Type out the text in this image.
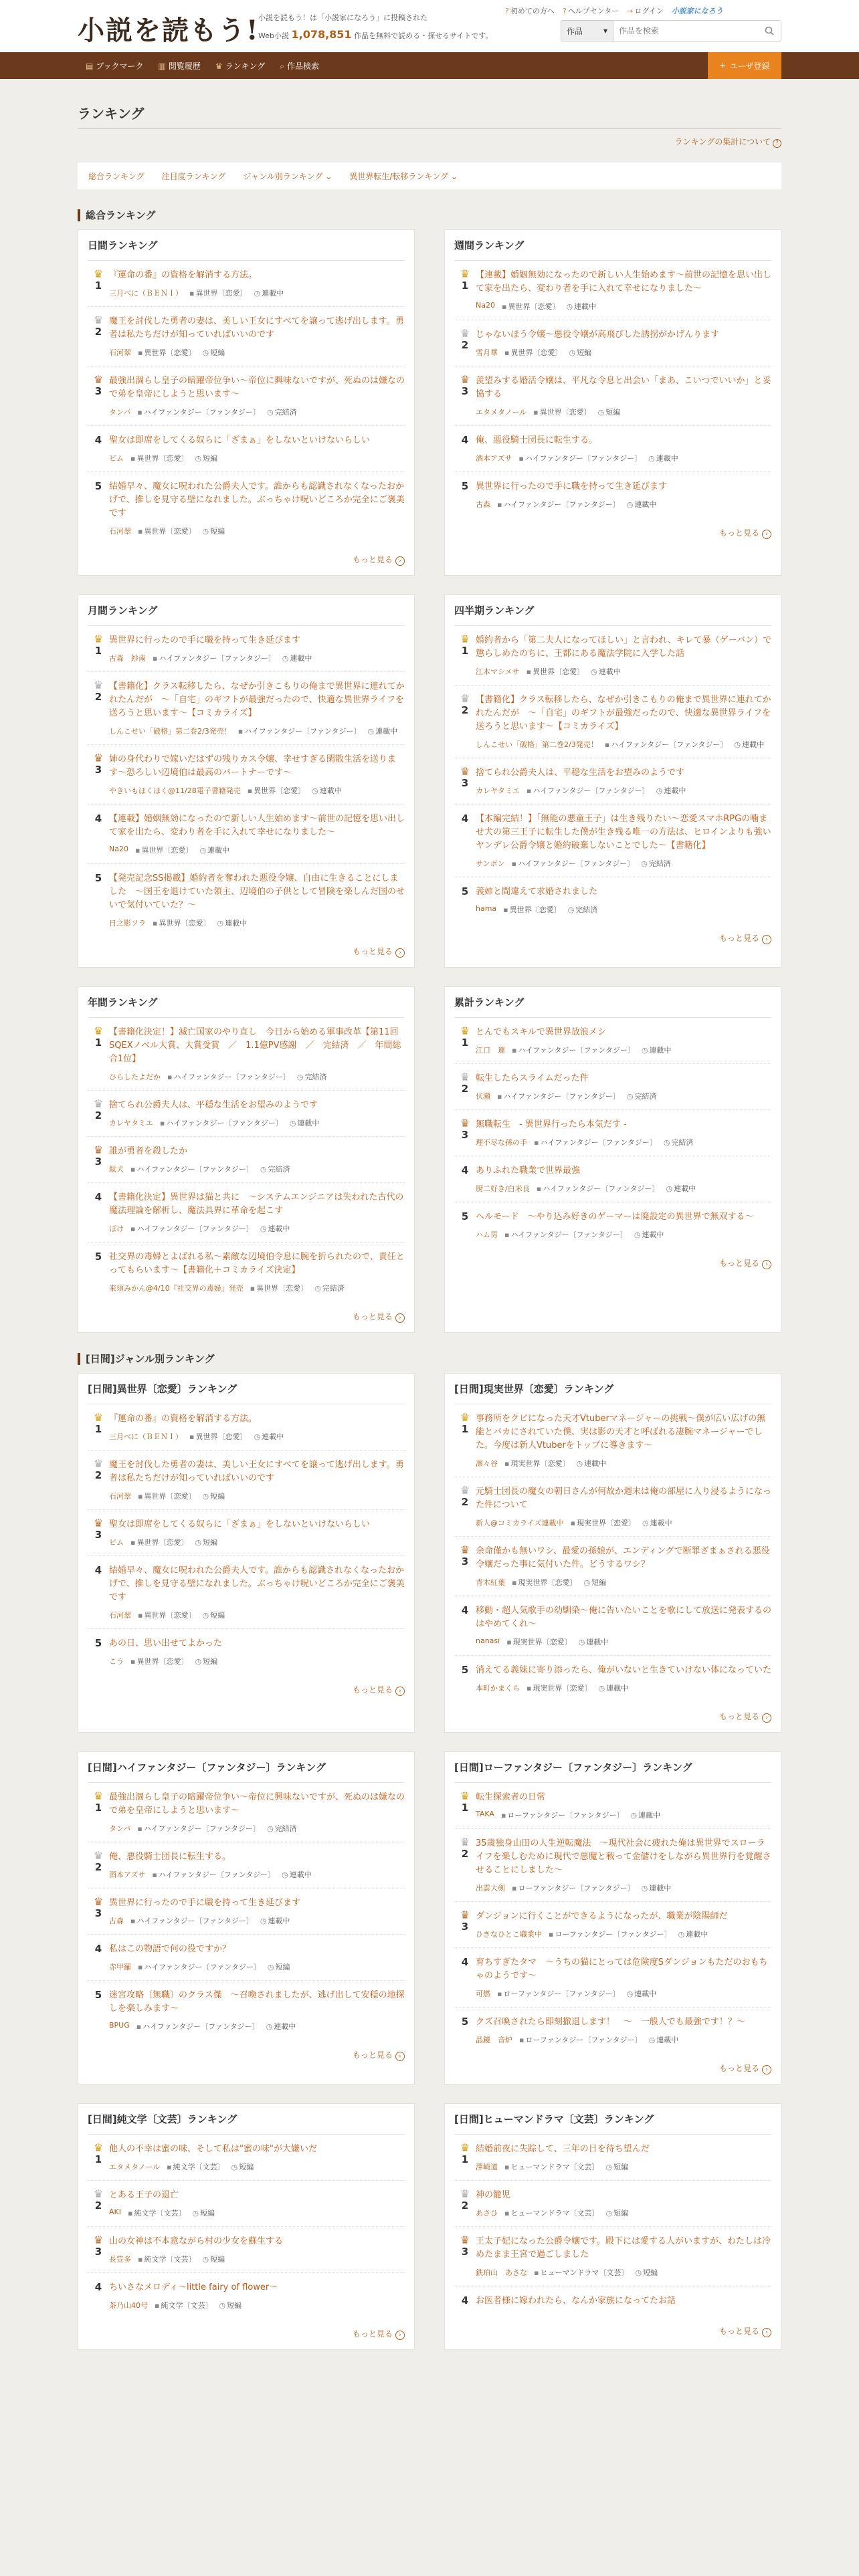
小説を読もう!
小説を読もう！は「小説家になろう」に投稿された
Web小説 1,078,851 作品を無料で読める・探せるサイトです。
? 初めての方へ ? ヘルプセンター → ログイン 小説家になろう
作品	▾
作品を検索
▤ ブックマーク ▥ 閲覧履歴 ♛ ランキング ⌕ 作品検索	+ ユーザ登録
ランキング
ランキングの集計について ?
総合ランキング 注目度ランキング ジャンル別ランキング ⌄ 異世界転生/転移ランキング ⌄
総合ランキング
日間ランキング
♛
1
『運命の番』の資格を解消する方法。
三月べに（ＢＥＮＩ） ▪ 異世界〔恋愛〕 ◷ 連載中
♛
2
魔王を討伐した勇者の妻は、美しい王女にすべてを譲って逃げ出します。勇者は私たちだけが知っていればいいのです
石河翠 ▪ 異世界〔恋愛〕 ◷ 短編
♛
3
最強出涸らし皇子の暗躍帝位争い〜帝位に興味ないですが、死ぬのは嫌なので弟を皇帝にしようと思います〜
タンバ ▪ ハイファンタジー〔ファンタジー〕 ◷ 完結済
4 聖女は即席をしてくる奴らに「ざまぁ」をしないといけないらしい
ビム ▪ 異世界〔恋愛〕 ◷ 短編
5 結婚早々、魔女に呪われた公爵夫人です。誰からも認識されなくなったおかげで、推しを見守る壁になれました。ぶっちゃけ呪いどころか完全にご褒美です
石河翠 ▪ 異世界〔恋愛〕 ◷ 短編
もっと見る ›
週間ランキング
♛
1
【連載】婚姻無効になったので新しい人生始めます〜前世の記憶を思い出して家を出たら、変わり者を手に入れて幸せになりました〜
Na20 ▪ 異世界〔恋愛〕 ◷ 連載中
♛
2
じゃないほう令嬢〜悪役令嬢が高飛びした誘拐がかげんります
雪月華 ▪ 異世界〔恋愛〕 ◷ 短編
♛
3
羨望みする婚活令嬢は、平凡な令息と出会い「まあ、こいつでいいか」と妥協する
エタメタノール ▪ 異世界〔恋愛〕 ◷ 短編
4 俺、悪役騎士団長に転生する。
酒本アズサ ▪ ハイファンタジー〔ファンタジー〕 ◷ 連載中
5 異世界に行ったので手に職を持って生き延びます
古森 ▪ ハイファンタジー〔ファンタジー〕 ◷ 連載中
もっと見る ›
月間ランキング
♛
1
異世界に行ったので手に職を持って生き延びます
古森　紗南 ▪ ハイファンタジー〔ファンタジー〕 ◷ 連載中
♛
2
【書籍化】クラス転移したら、なぜか引きこもりの俺まで異世界に連れてかれたんだが　〜「自宅」のギフトが最強だったので、快適な異世界ライフを送ろうと思います〜【コミカライズ】
しんこせい「破格」第二巻2/3発売！ ▪ ハイファンタジー〔ファンタジー〕 ◷ 連載中
♛
3
姉の身代わりで嫁いだはずの残りカス令嬢、幸せすぎる閑散生活を送ります〜恐ろしい辺境伯は最高のパートナーです〜
やきいもほくほく@11/28電子書籍発売 ▪ 異世界〔恋愛〕 ◷ 連載中
4 【連載】婚姻無効になったので新しい人生始めます〜前世の記憶を思い出して家を出たら、変わり者を手に入れて幸せになりました〜
Na20 ▪ 異世界〔恋愛〕 ◷ 連載中
5 【発売記念SS掲載】婚約者を奪われた悪役令嬢、自由に生きることにしました　〜国王を退けていた領主、辺境伯の子供として冒険を楽しんだ国のせいで気付いていた？〜
日之影ソラ ▪ 異世界〔恋愛〕 ◷ 連載中
もっと見る ›
四半期ランキング
♛
1
婚約者から「第二夫人になってほしい」と言われ、キレて暴（ゲーバン）で懲らしめたのちに、王都にある魔法学院に入学した話
江本マシメサ ▪ 異世界〔恋愛〕 ◷ 連載中
♛
2
【書籍化】クラス転移したら、なぜか引きこもりの俺まで異世界に連れてかれたんだが　〜「自宅」のギフトが最強だったので、快適な異世界ライフを送ろうと思います〜【コミカライズ】
しんこせい「破格」第二巻2/3発売！ ▪ ハイファンタジー〔ファンタジー〕 ◷ 連載中
♛
3
捨てられ公爵夫人は、平穏な生活をお望みのようです
カレヤタミエ ▪ ハイファンタジー〔ファンタジー〕 ◷ 連載中
4 【本編完結！】「無能の悪童王子」は生き残りたい〜恋愛スマホRPGの噛ませ犬の第三王子に転生した僕が生き残る唯一の方法は、ヒロインよりも強いヤンデレ公爵令嬢と婚約破棄しないことでした〜【書籍化】
サンボン ▪ ハイファンタジー〔ファンタジー〕 ◷ 完結済
5 義姉と間違えて求婚されました
hama ▪ 異世界〔恋愛〕 ◷ 完結済
もっと見る ›
年間ランキング
♛
1
【書籍化決定！】滅亡国家のやり直し　今日から始める軍事改革【第11回SQEXノベル大賞、大賞受賞　／　1.1億PV感謝　／　完結済　／　年間総合1位】
ひらしたよだか ▪ ハイファンタジー〔ファンタジー〕 ◷ 完結済
♛
2
捨てられ公爵夫人は、平穏な生活をお望みのようです
カレヤタミエ ▪ ハイファンタジー〔ファンタジー〕 ◷ 連載中
♛
3
誰が勇者を殺したか
駄犬 ▪ ハイファンタジー〔ファンタジー〕 ◷ 完結済
4 【書籍化決定】異世界は猫と共に　〜システムエンジニアは失われた古代の魔法理論を解析し、魔法具界に革命を起こす
ぽけ ▪ ハイファンタジー〔ファンタジー〕 ◷ 連載中
5 社交界の毒婦とよばれる私〜素敵な辺境伯令息に腕を折られたので、責任とってもらいます〜【書籍化＋コミカライズ決定】
来須みかん@4/10『社交界の毒婦』発売 ▪ 異世界〔恋愛〕 ◷ 完結済
もっと見る ›
累計ランキング
♛
1
とんでもスキルで異世界放浪メシ
江口　連 ▪ ハイファンタジー〔ファンタジー〕 ◷ 連載中
♛
2
転生したらスライムだった件
伏瀬 ▪ ハイファンタジー〔ファンタジー〕 ◷ 完結済
♛
3
無職転生　- 異世界行ったら本気だす -
理不尽な孫の手 ▪ ハイファンタジー〔ファンタジー〕 ◷ 完結済
4 ありふれた職業で世界最強
厨二好き/白米良 ▪ ハイファンタジー〔ファンタジー〕 ◷ 連載中
5 ヘルモード　〜やり込み好きのゲーマーは廃設定の異世界で無双する〜
ハム男 ▪ ハイファンタジー〔ファンタジー〕 ◷ 連載中
もっと見る ›
[日間]ジャンル別ランキング
[日間]異世界〔恋愛〕ランキング
♛
1
『運命の番』の資格を解消する方法。
三月べに（ＢＥＮＩ） ▪ 異世界〔恋愛〕 ◷ 連載中
♛
2
魔王を討伐した勇者の妻は、美しい王女にすべてを譲って逃げ出します。勇者は私たちだけが知っていればいいのです
石河翠 ▪ 異世界〔恋愛〕 ◷ 短編
♛
3
聖女は即席をしてくる奴らに「ざまぁ」をしないといけないらしい
ビム ▪ 異世界〔恋愛〕 ◷ 短編
4 結婚早々、魔女に呪われた公爵夫人です。誰からも認識されなくなったおかげで、推しを見守る壁になれました。ぶっちゃけ呪いどころか完全にご褒美です
石河翠 ▪ 異世界〔恋愛〕 ◷ 短編
5 あの日、思い出せてよかった
こう ▪ 異世界〔恋愛〕 ◷ 短編
もっと見る ›
[日間]現実世界〔恋愛〕ランキング
♛
1
事務所をクビになった天才Vtuberマネージャーの挑戦〜僕が広い広げの無能とバカにされていた僕、実は影の天才と呼ばれる凄腕マネージャーでした。今度は新人Vtuberをトップに導きます〜
凛々谷 ▪ 現実世界〔恋愛〕 ◷ 連載中
♛
2
元騎士団長の魔女の朝日さんが何故か週末は俺の部屋に入り浸るようになった件について
新人@コミカライズ連載中 ▪ 現実世界〔恋愛〕 ◷ 連載中
♛
3
余命僅かも無いワシ、最愛の孫娘が、エンディングで断罪ざまぁされる悪役令嬢だった事に気付いた件。どうするワシ？
青木紅葉 ▪ 現実世界〔恋愛〕 ◷ 短編
4 移動・超人気歌手の幼馴染〜俺に告いたいことを歌にして放送に発表するのはやめてくれ〜
nanasi ▪ 現実世界〔恋愛〕 ◷ 連載中
5 消えてる義妹に寄り添ったら、俺がいないと生きていけない体になっていた
本町かまくら ▪ 現実世界〔恋愛〕 ◷ 連載中
もっと見る ›
[日間]ハイファンタジー〔ファンタジー〕ランキング
♛
1
最強出涸らし皇子の暗躍帝位争い〜帝位に興味ないですが、死ぬのは嫌なので弟を皇帝にしようと思います〜
タンバ ▪ ハイファンタジー〔ファンタジー〕 ◷ 完結済
♛
2
俺、悪役騎士団長に転生する。
酒本アズサ ▪ ハイファンタジー〔ファンタジー〕 ◷ 連載中
♛
3
異世界に行ったので手に職を持って生き延びます
古森 ▪ ハイファンタジー〔ファンタジー〕 ◷ 連載中
4 私はこの物語で何の役ですか？
赤甲羅 ▪ ハイファンタジー〔ファンタジー〕 ◷ 短編
5 迷宮攻略〔無職〕のクラス傑　〜召喚されましたが、逃げ出して安穏の地探しを楽しみます〜
BPUG ▪ ハイファンタジー〔ファンタジー〕 ◷ 連載中
もっと見る ›
[日間]ローファンタジー〔ファンタジー〕ランキング
♛
1
転生探索者の日常
TAKA ▪ ローファンタジー〔ファンタジー〕 ◷ 連載中
♛
2
35歳独身山田の人生逆転魔法　〜現代社会に疲れた俺は異世界でスローライフを楽しむために現代で悪魔と戦って金儲けをしながら異世界行を覚醒させることにしました〜
出雲大剣 ▪ ローファンタジー〔ファンタジー〕 ◷ 連載中
♛
3
ダンジョンに行くことができるようになったが、職業が陰陽師だ
ひきなひとこ職業中 ▪ ローファンタジー〔ファンタジー〕 ◷ 連載中
4 育ちすぎたタマ　〜うちの猫にとっては危険度Sダンジョンもただのおもちゃのようです〜
可燃 ▪ ローファンタジー〔ファンタジー〕 ◷ 連載中
5 クズ召喚されたら即刻撤退します！　〜　一般人でも最強です！？〜
晶鏡　音炉 ▪ ローファンタジー〔ファンタジー〕 ◷ 連載中
もっと見る ›
[日間]純文学〔文芸〕ランキング
♛
1
他人の不幸は蜜の味、そして私は"蜜の味"が大嫌いだ
エタメタノール ▪ 純文学〔文芸〕 ◷ 短編
♛
2
とある王子の退亡
AKI ▪ 純文学〔文芸〕 ◷ 短編
♛
3
山の女神は不本意ながら村の少女を蘇生する
長笠多 ▪ 純文学〔文芸〕 ◷ 短編
4 ちいさなメロディ〜little fairy of flower〜
茶乃山40号 ▪ 純文学〔文芸〕 ◷ 短編
もっと見る ›
[日間]ヒューマンドラマ〔文芸〕ランキング
♛
1
結婚前夜に失踪して、三年の日を待ち望んだ
澤崎道 ▪ ヒューマンドラマ〔文芸〕 ◷ 短編
♛
2
神の籠児
あさひ ▪ ヒューマンドラマ〔文芸〕 ◷ 短編
♛
3
王太子妃になった公爵令嬢です。殿下には愛する人がいますが、わたしは冷めたまま王宮で過ごしました
鉄珀山　あさな ▪ ヒューマンドラマ〔文芸〕 ◷ 短編
4 お医者様に嫁われたら、なんか家族になってたお話
もっと見る ›
